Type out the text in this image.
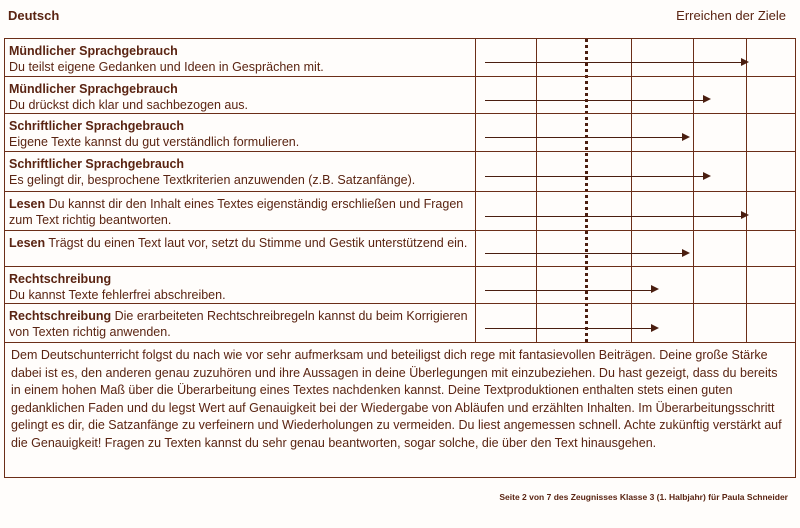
Deutsch	Erreichen der Ziele
Mündlicher Sprachgebrauch
Du teilst eigene Gedanken und Ideen in Gesprächen mit.
Mündlicher Sprachgebrauch
Du drückst dich klar und sachbezogen aus.
Schriftlicher Sprachgebrauch
Eigene Texte kannst du gut verständlich formulieren.
Schriftlicher Sprachgebrauch
Es gelingt dir, besprochene Textkriterien anzuwenden (z.B. Satzanfänge).
Lesen Du kannst dir den Inhalt eines Textes eigenständig erschließen und Fragen zum Text richtig beantworten.
Lesen Trägst du einen Text laut vor, setzt du Stimme und Gestik unterstützend ein.
Rechtschreibung
Du kannst Texte fehlerfrei abschreiben.
Rechtschreibung Die erarbeiteten Rechtschreibregeln kannst du beim Korrigieren von Texten richtig anwenden.
Dem Deutschunterricht folgst du nach wie vor sehr aufmerksam und beteiligst dich rege mit fantasievollen Beiträgen. Deine große Stärke dabei ist es, den anderen genau zuzuhören und ihre Aussagen in deine Überlegungen mit einzubeziehen. Du hast gezeigt, dass du bereits in einem hohen Maß über die Überarbeitung eines Textes nachdenken kannst. Deine Textproduktionen enthalten stets einen guten gedanklichen Faden und du legst Wert auf Genauigkeit bei der Wiedergabe von Abläufen und erzählten Inhalten. Im Überarbeitungsschritt gelingt es dir, die Satzanfänge zu verfeinern und Wiederholungen zu vermeiden. Du liest angemessen schnell. Achte zukünftig verstärkt auf die Genauigkeit! Fragen zu Texten kannst du sehr genau beantworten, sogar solche, die über den Text hinausgehen.
Seite 2 von 7 des Zeugnisses Klasse 3 (1. Halbjahr) für Paula Schneider
